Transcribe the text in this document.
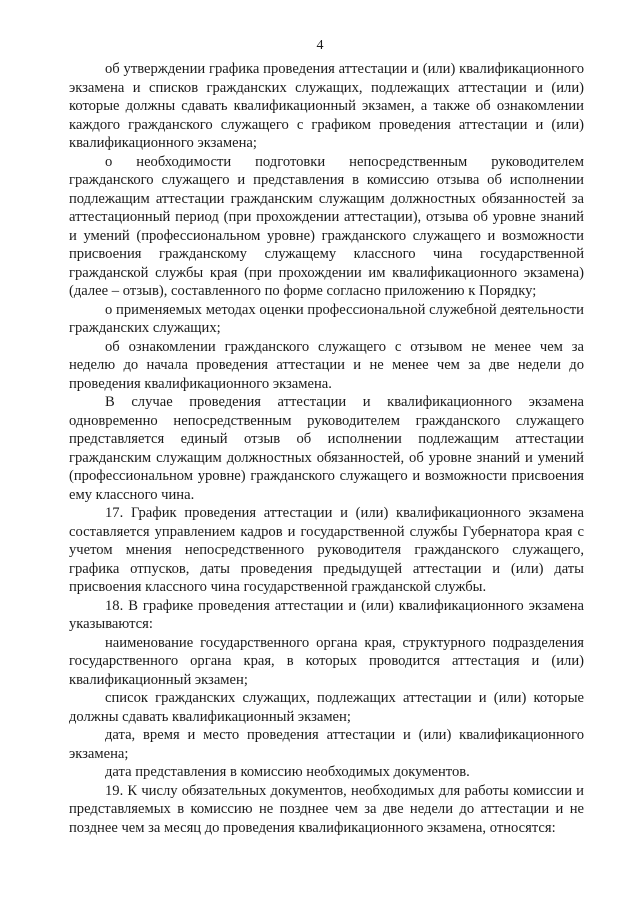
4

об утверждении графика проведения аттестации и (или) квалификационного экзамена и списков гражданских служащих, подлежащих аттестации и (или) которые должны сдавать квалификационный экзамен, а также об ознакомлении каждого гражданского служащего с графиком проведения аттестации и (или) квалификационного экзамена;

о необходимости подготовки непосредственным руководителем гражданского служащего и представления в комиссию отзыва об исполнении подлежащим аттестации гражданским служащим должностных обязанностей за аттестационный период (при прохождении аттестации), отзыва об уровне знаний и умений (профессиональном уровне) гражданского служащего и возможности присвоения гражданскому служащему классного чина государственной гражданской службы края (при прохождении им квалификационного экзамена) (далее – отзыв), составленного по форме согласно приложению к Порядку;

о применяемых методах оценки профессиональной служебной деятельности гражданских служащих;

об ознакомлении гражданского служащего с отзывом не менее чем за неделю до начала проведения аттестации и не менее чем за две недели до проведения квалификационного экзамена.

В случае проведения аттестации и квалификационного экзамена одновременно непосредственным руководителем гражданского служащего представляется единый отзыв об исполнении подлежащим аттестации гражданским служащим должностных обязанностей, об уровне знаний и умений (профессиональном уровне) гражданского служащего и возможности присвоения ему классного чина.

17. График проведения аттестации и (или) квалификационного экзамена составляется управлением кадров и государственной службы Губернатора края с учетом мнения непосредственного руководителя гражданского служащего, графика отпусков, даты проведения предыдущей аттестации и (или) даты присвоения классного чина государственной гражданской службы.

18. В графике проведения аттестации и (или) квалификационного экзамена указываются:

наименование государственного органа края, структурного подразделения государственного органа края, в которых проводится аттестация и (или) квалификационный экзамен;

список гражданских служащих, подлежащих аттестации и (или) которые должны сдавать квалификационный экзамен;

дата, время и место проведения аттестации и (или) квалификационного экзамена;

дата представления в комиссию необходимых документов.

19. К числу обязательных документов, необходимых для работы комиссии и представляемых в комиссию не позднее чем за две недели до аттестации и не позднее чем за месяц до проведения квалификационного экзамена, относятся:
